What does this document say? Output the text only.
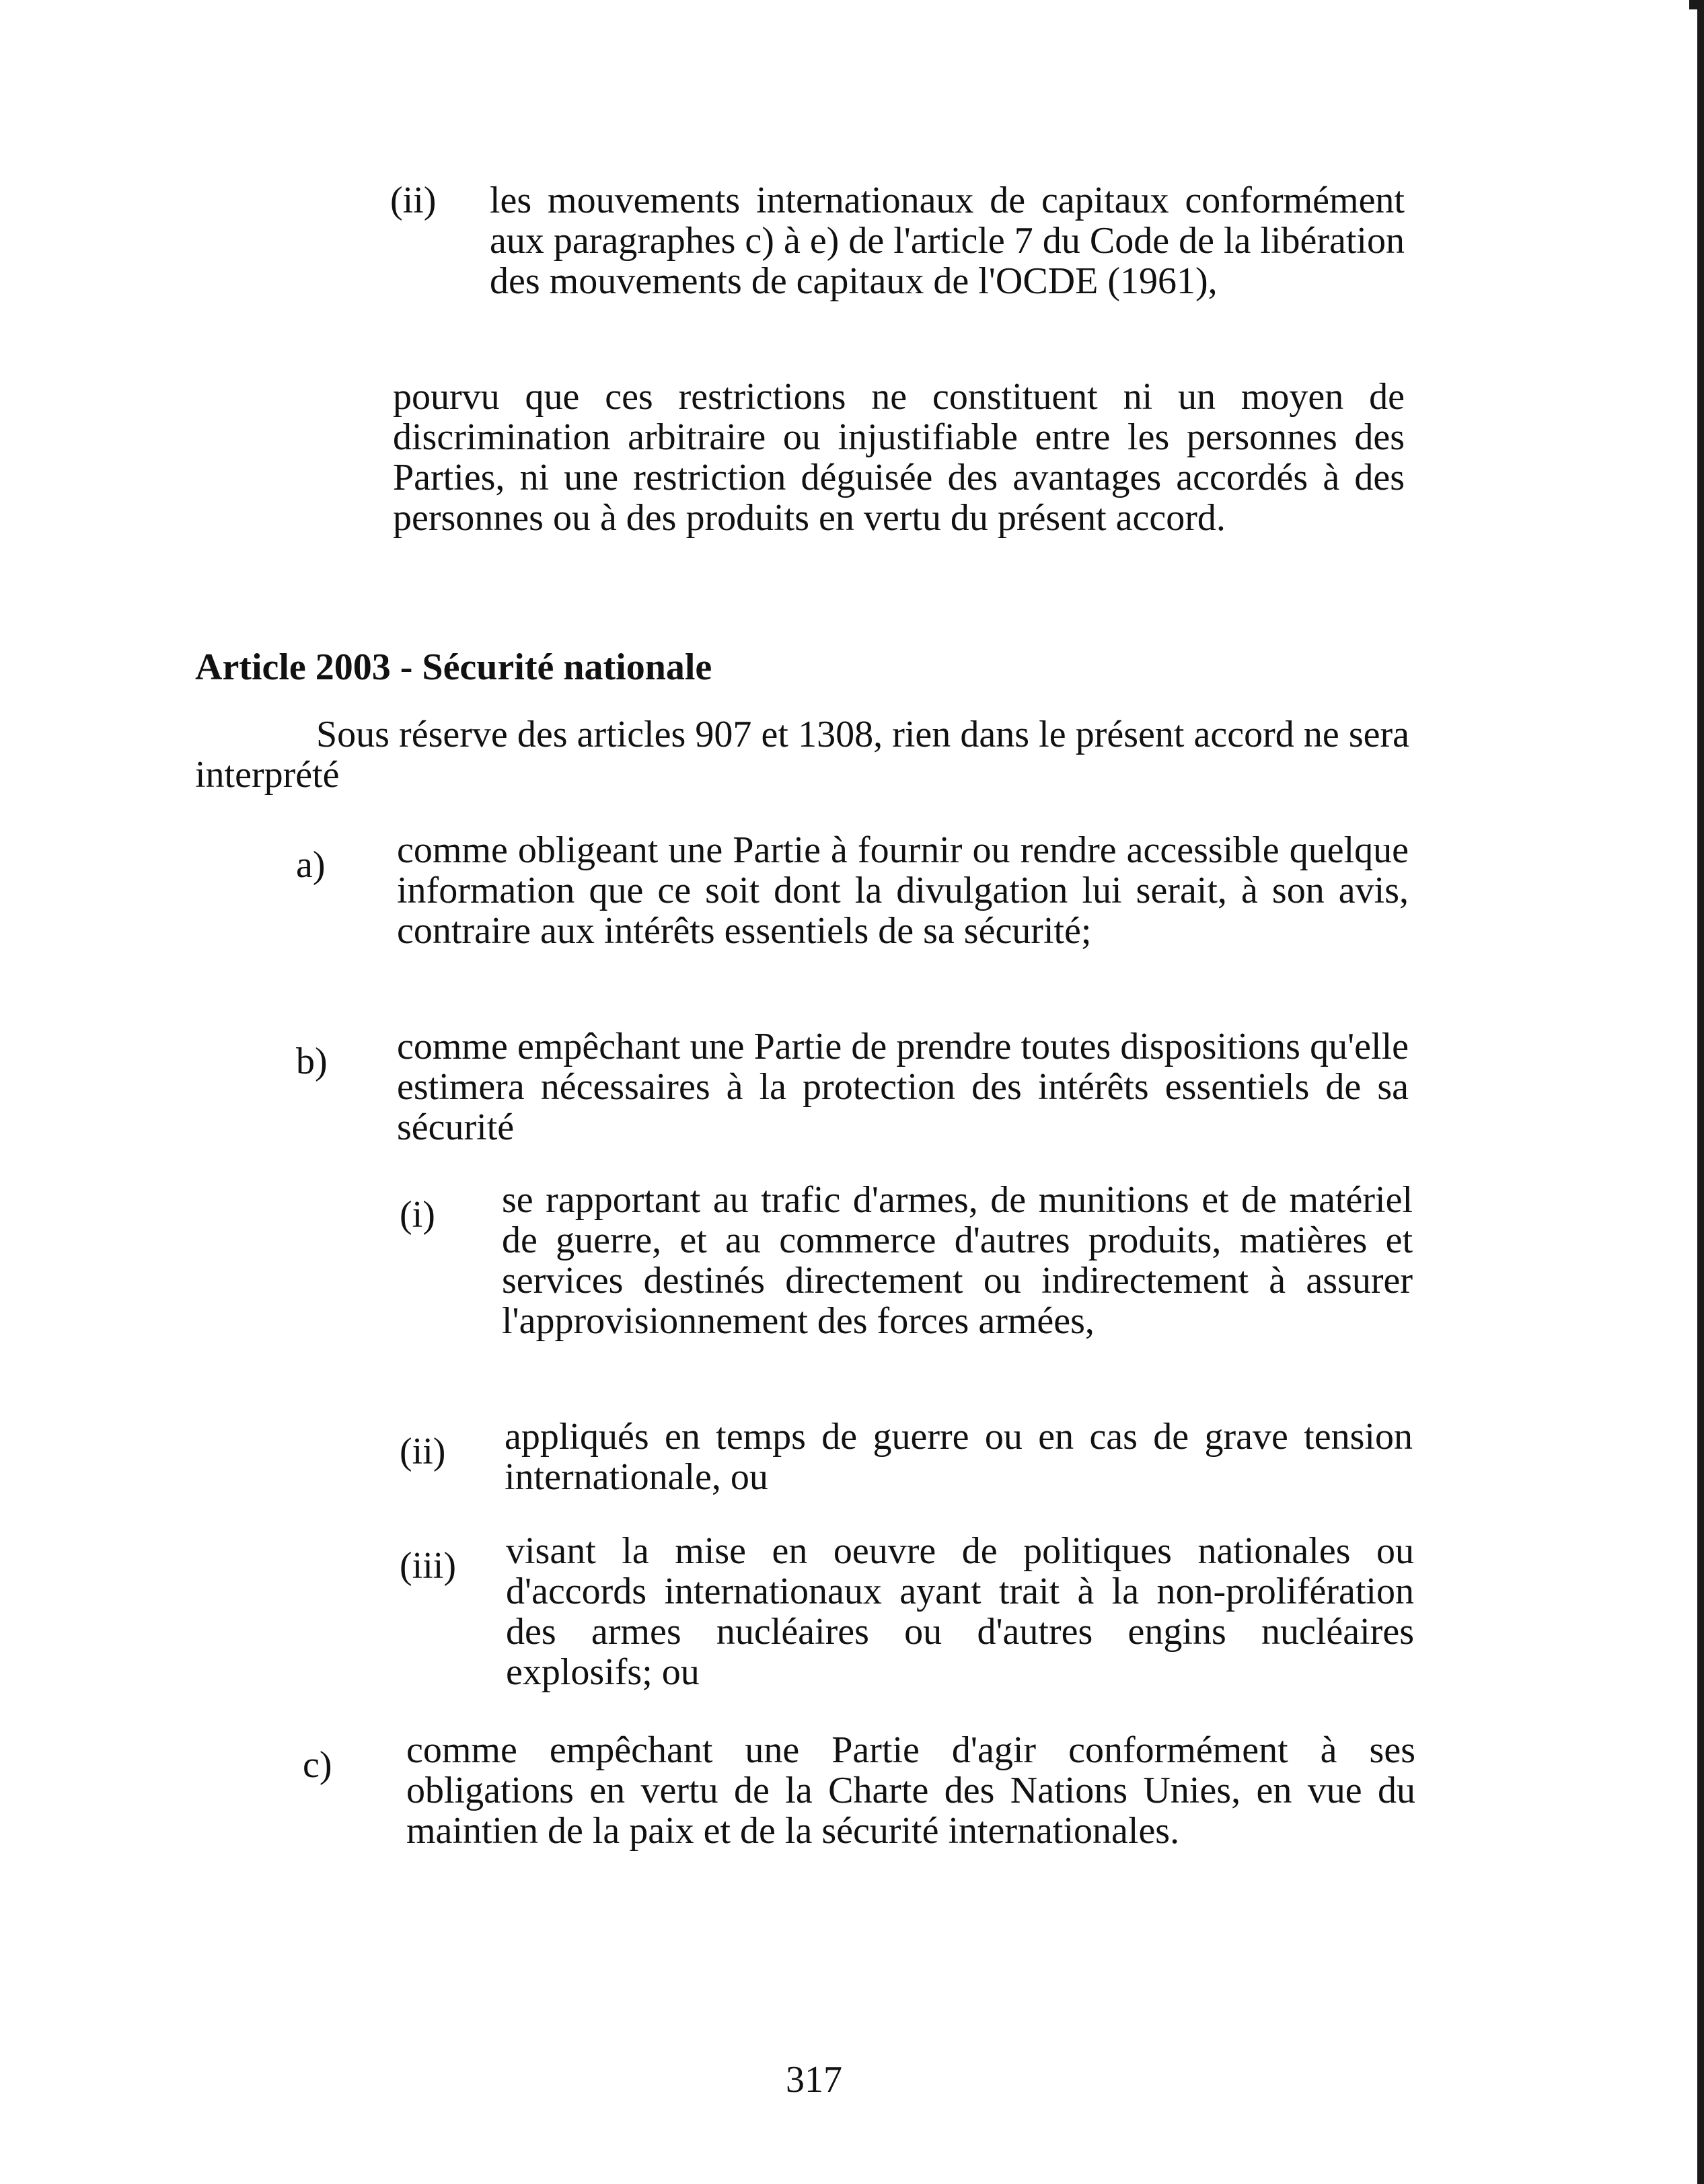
(ii) les mouvements internationaux de capitaux conformément aux paragraphes c) à e) de l'article 7 du Code de la libération des mouvements de capitaux de l'OCDE (1961),
pourvu que ces restrictions ne constituent ni un moyen de discrimination arbitraire ou injustifiable entre les personnes des Parties, ni une restriction déguisée des avantages accordés à des personnes ou à des produits en vertu du présent accord.
Article 2003 - Sécurité nationale
Sous réserve des articles 907 et 1308, rien dans le présent accord ne sera interprété
a) comme obligeant une Partie à fournir ou rendre accessible quelque information que ce soit dont la divulgation lui serait, à son avis, contraire aux intérêts essentiels de sa sécurité;
b) comme empêchant une Partie de prendre toutes dispositions qu'elle estimera nécessaires à la protection des intérêts essentiels de sa sécurité
(i) se rapportant au trafic d'armes, de munitions et de matériel de guerre, et au commerce d'autres produits, matières et services destinés directement ou indirectement à assurer l'approvisionnement des forces armées,
(ii) appliqués en temps de guerre ou en cas de grave tension internationale, ou
(iii) visant la mise en oeuvre de politiques nationales ou d'accords internationaux ayant trait à la non-prolifération des armes nucléaires ou d'autres engins nucléaires explosifs; ou
c) comme empêchant une Partie d'agir conformément à ses obligations en vertu de la Charte des Nations Unies, en vue du maintien de la paix et de la sécurité internationales.
317
